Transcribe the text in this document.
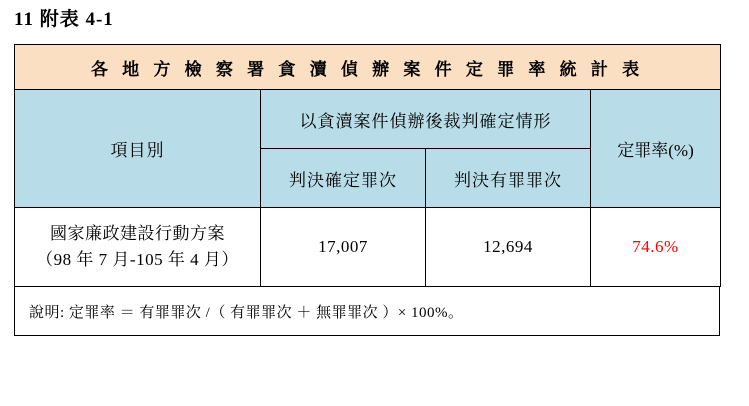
11 附表 4-1
各 地 方 檢 察 署 貪 瀆 偵 辦 案 件 定 罪 率 統 計 表			
項目別	以貪瀆案件偵辦後裁判確定情形		定罪率(%)
	判決確定罪次	判決有罪罪次	
國家廉政建設行動方案
（98 年 7 月-105 年 4 月）	17,007	12,694	74.6%
說明: 定罪率 ＝ 有罪罪次 /（ 有罪罪次 ＋ 無罪罪次 ）× 100%。
